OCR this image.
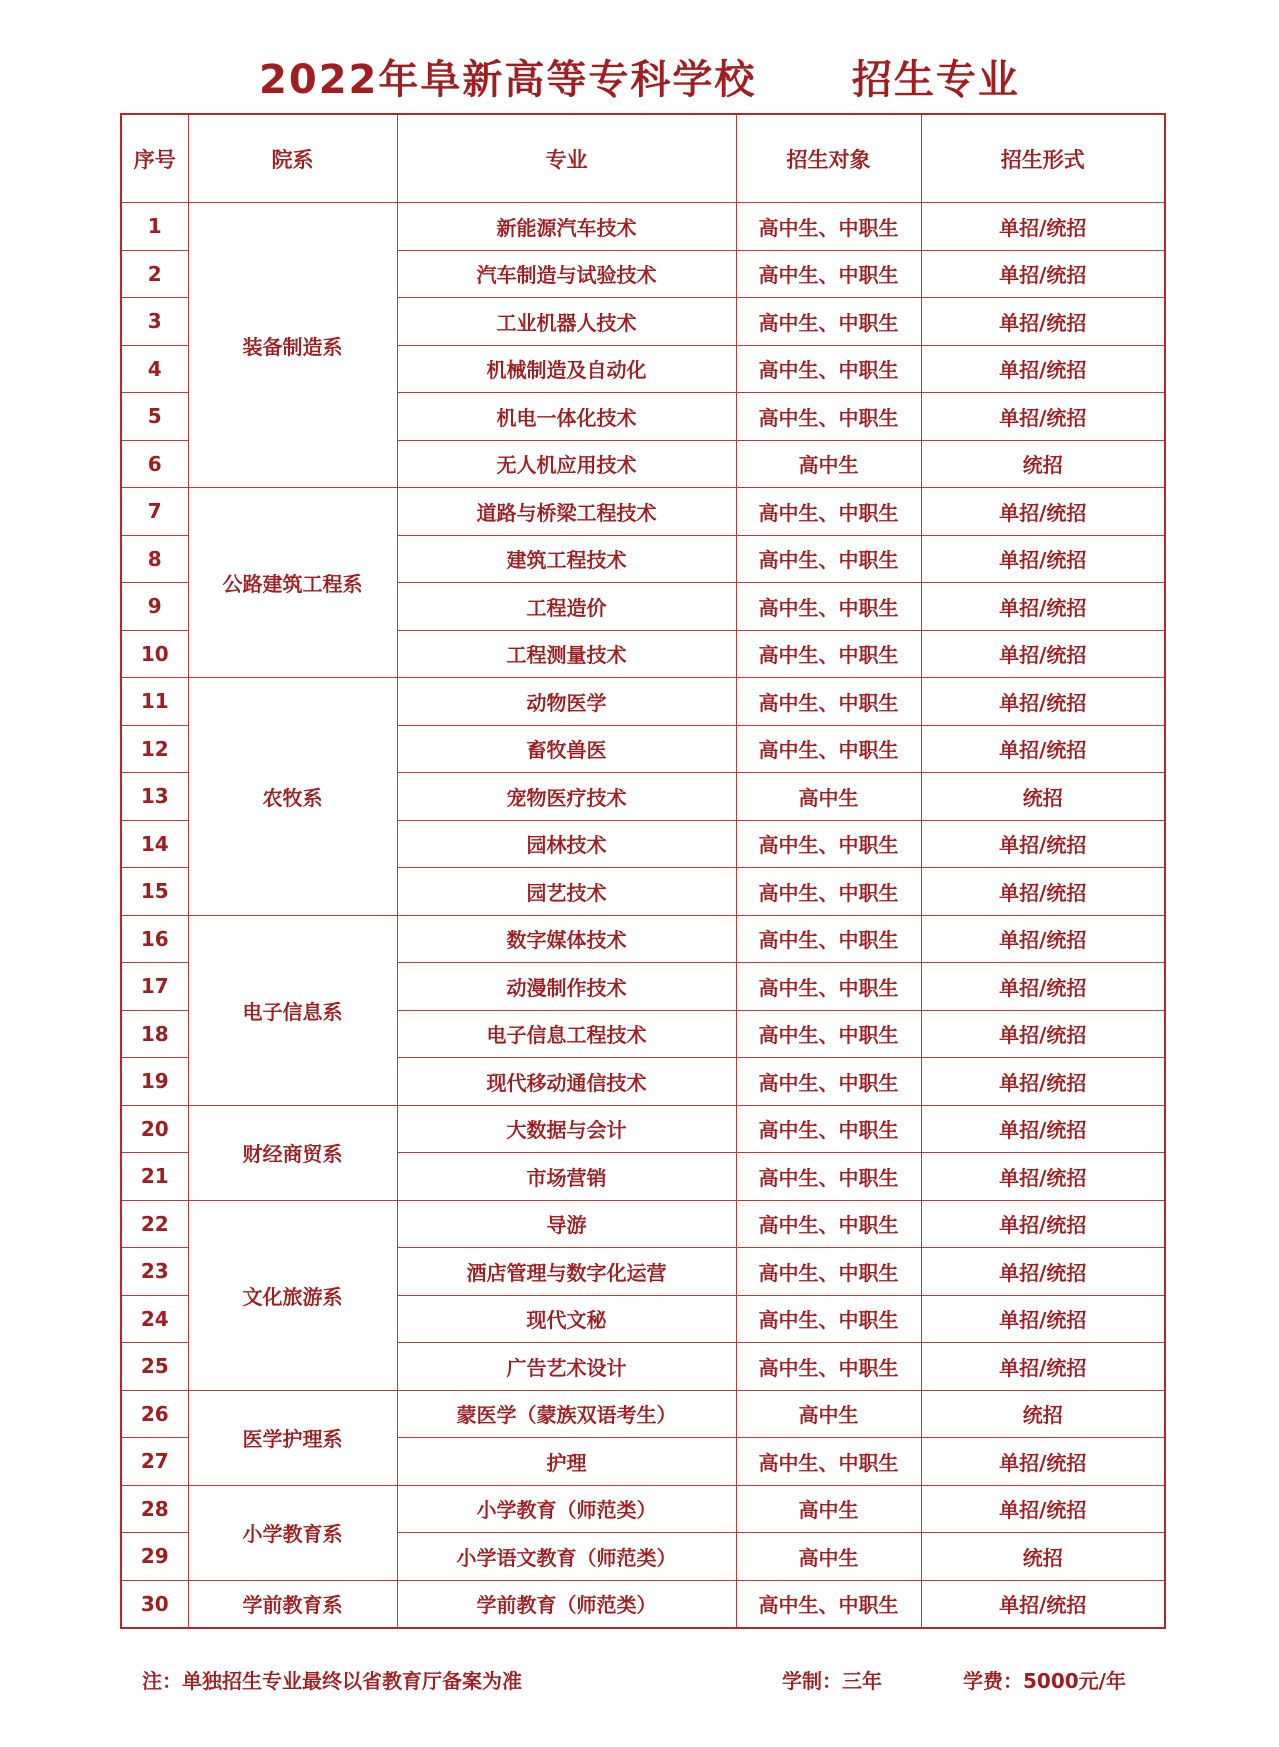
2022年阜新高等专科学校      招生专业
序号	院系	专业	招生对象	招生形式
1	装备制造系	新能源汽车技术	高中生、中职生	单招/统招
2		汽车制造与试验技术	高中生、中职生	单招/统招
3		工业机器人技术	高中生、中职生	单招/统招
4		机械制造及自动化	高中生、中职生	单招/统招
5		机电一体化技术	高中生、中职生	单招/统招
6		无人机应用技术	高中生	统招
7	公路建筑工程系	道路与桥梁工程技术	高中生、中职生	单招/统招
8		建筑工程技术	高中生、中职生	单招/统招
9		工程造价	高中生、中职生	单招/统招
10		工程测量技术	高中生、中职生	单招/统招
11	农牧系	动物医学	高中生、中职生	单招/统招
12		畜牧兽医	高中生、中职生	单招/统招
13		宠物医疗技术	高中生	统招
14		园林技术	高中生、中职生	单招/统招
15		园艺技术	高中生、中职生	单招/统招
16	电子信息系	数字媒体技术	高中生、中职生	单招/统招
17		动漫制作技术	高中生、中职生	单招/统招
18		电子信息工程技术	高中生、中职生	单招/统招
19		现代移动通信技术	高中生、中职生	单招/统招
20	财经商贸系	大数据与会计	高中生、中职生	单招/统招
21		市场营销	高中生、中职生	单招/统招
22	文化旅游系	导游	高中生、中职生	单招/统招
23		酒店管理与数字化运营	高中生、中职生	单招/统招
24		现代文秘	高中生、中职生	单招/统招
25		广告艺术设计	高中生、中职生	单招/统招
26	医学护理系	蒙医学（蒙族双语考生）	高中生	统招
27		护理	高中生、中职生	单招/统招
28	小学教育系	小学教育（师范类）	高中生	单招/统招
29		小学语文教育（师范类）	高中生	统招
30	学前教育系	学前教育（师范类）	高中生、中职生	单招/统招
注：单独招生专业最终以省教育厅备案为准	学制：三年	学费：5000元/年
